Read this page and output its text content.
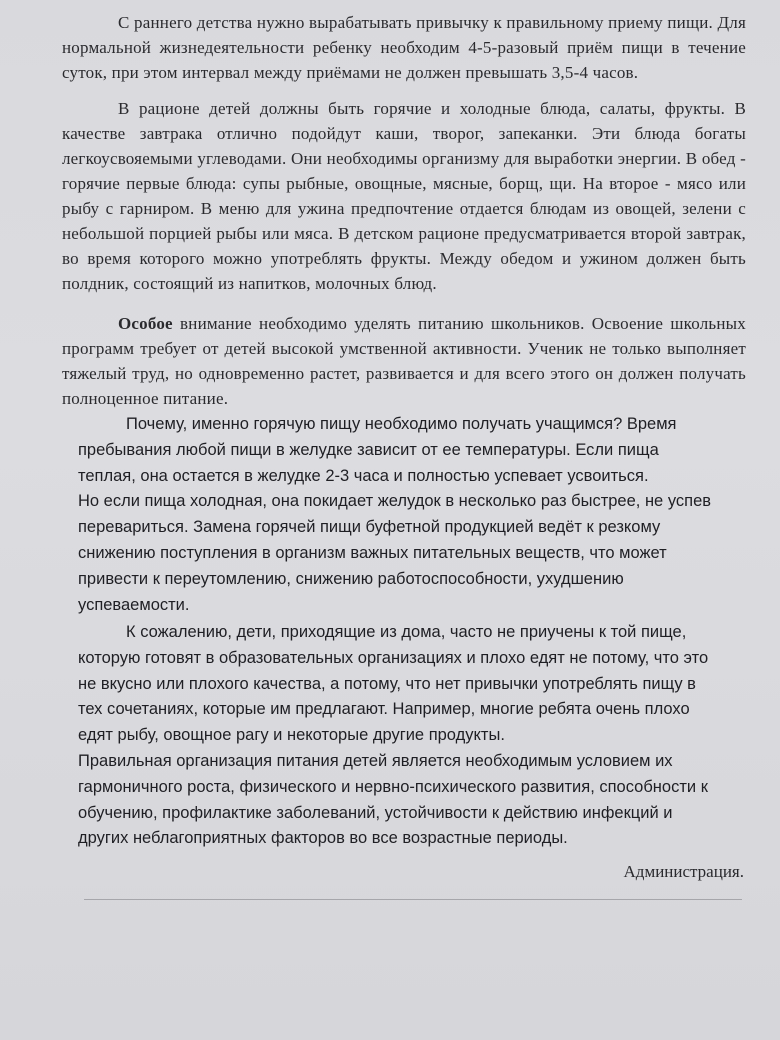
С раннего детства нужно вырабатывать привычку к правильному приему пищи. Для нормальной жизнедеятельности ребенку необходим 4-5-разовый приём пищи в течение суток, при этом интервал между приёмами не должен превышать 3,5-4 часов.

В рационе детей должны быть горячие и холодные блюда, салаты, фрукты. В качестве завтрака отлично подойдут каши, творог, запеканки. Эти блюда богаты легкоусвояемыми углеводами. Они необходимы организму для выработки энергии. В обед - горячие первые блюда: супы рыбные, овощные, мясные, борщ, щи. На второе - мясо или рыбу с гарниром. В меню для ужина предпочтение отдается блюдам из овощей, зелени с небольшой порцией рыбы или мяса. В детском рационе предусматривается второй завтрак, во время которого можно употреблять фрукты. Между обедом и ужином должен быть полдник, состоящий из напитков, молочных блюд.

Особое внимание необходимо уделять питанию школьников. Освоение школьных программ требует от детей высокой умственной активности. Ученик не только выполняет тяжелый труд, но одновременно растет, развивается и для всего этого он должен получать полноценное питание.

Почему, именно горячую пищу необходимо получать учащимся? Время
пребывания любой пищи в желудке зависит от ее температуры. Если пища
теплая, она остается в желудке 2-3 часа и полностью успевает усвоиться.
Но если пища холодная, она покидает желудок в несколько раз быстрее, не успев
перевариться. Замена горячей пищи буфетной продукцией ведёт к резкому
снижению поступления в организм важных питательных веществ, что может
привести к переутомлению, снижению работоспособности, ухудшению
успеваемости.
К сожалению, дети, приходящие из дома, часто не приучены к той пище,
которую готовят в образовательных организациях и плохо едят не потому, что это
не вкусно или плохого качества, а потому, что нет привычки употреблять пищу в
тех сочетаниях, которые им предлагают. Например, многие ребята очень плохо
едят рыбу, овощное рагу и некоторые другие продукты.
Правильная организация питания детей является необходимым условием их
гармоничного роста, физического и нервно-психического развития, способности к
обучению, профилактике заболеваний, устойчивости к действию инфекций и
других неблагоприятных факторов во все возрастные периоды.
Администрация.
